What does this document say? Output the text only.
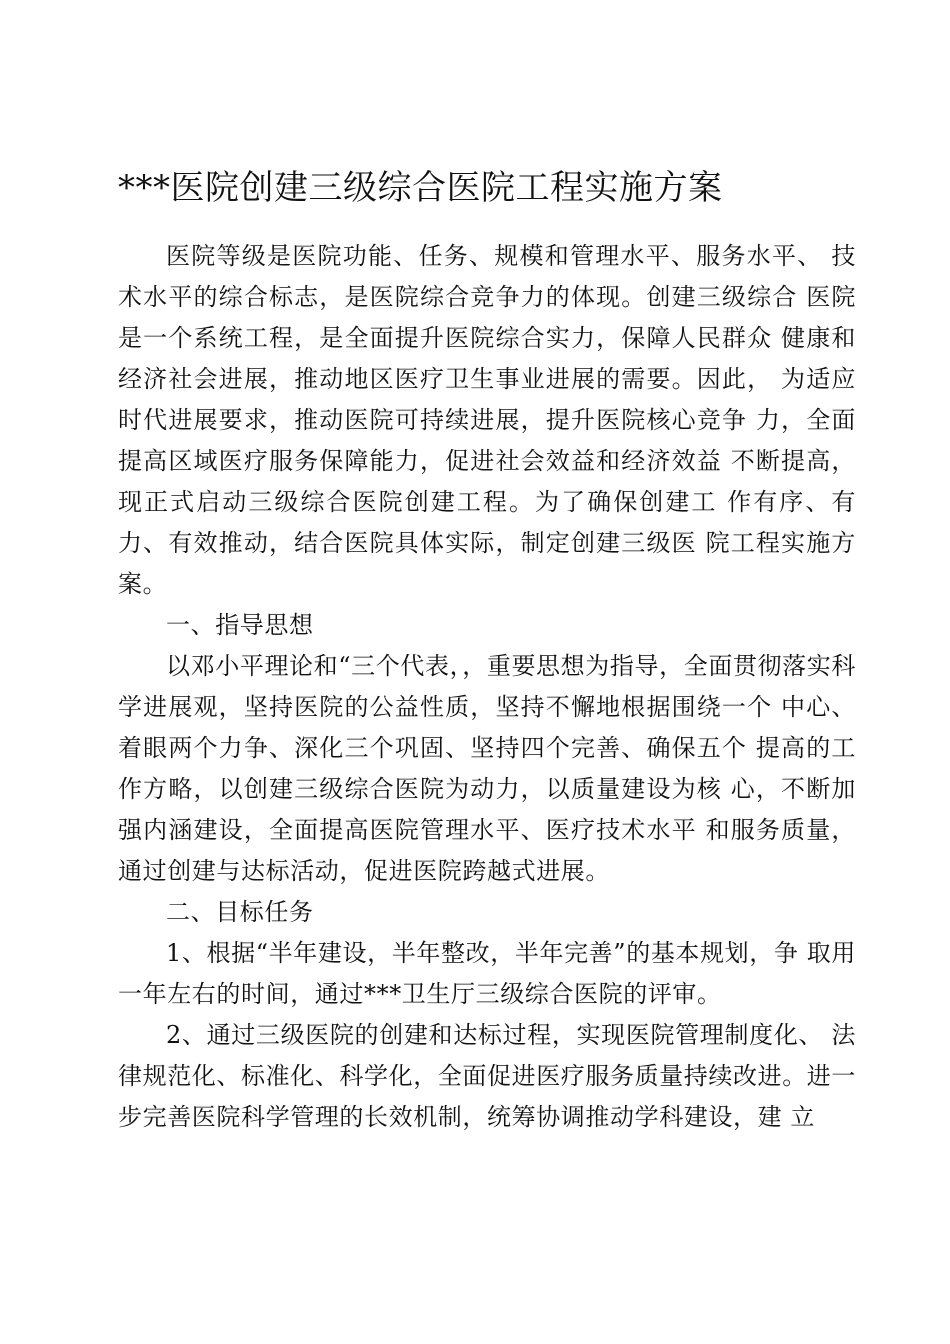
***医院创建三级综合医院工程实施方案

医院等级是医院功能、任务、规模和管理水平、服务水平、 技术水平的综合标志，是医院综合竞争力的体现。创建三级综合 医院是一个系统工程，是全面提升医院综合实力，保障人民群众 健康和经济社会进展，推动地区医疗卫生事业进展的需要。因此， 为适应时代进展要求，推动医院可持续进展，提升医院核心竞争 力，全面提高区域医疗服务保障能力，促进社会效益和经济效益 不断提高，现正式启动三级综合医院创建工程。为了确保创建工 作有序、有力、有效推动，结合医院具体实际，制定创建三级医 院工程实施方案。

一、指导思想

以邓小平理论和“三个代表，，重要思想为指导，全面贯彻落实科学进展观，坚持医院的公益性质，坚持不懈地根据围绕一个 中心、着眼两个力争、深化三个巩固、坚持四个完善、确保五个 提高的工作方略，以创建三级综合医院为动力，以质量建设为核 心，不断加强内涵建设，全面提高医院管理水平、医疗技术水平 和服务质量，通过创建与达标活动，促进医院跨越式进展。

二、目标任务

1、根据“半年建设，半年整改，半年完善”的基本规划，争 取用一年左右的时间，通过***卫生厅三级综合医院的评审。

2、通过三级医院的创建和达标过程，实现医院管理制度化、 法律规范化、标准化、科学化，全面促进医疗服务质量持续改进。进一步完善医院科学管理的长效机制，统筹协调推动学科建设，建 立
